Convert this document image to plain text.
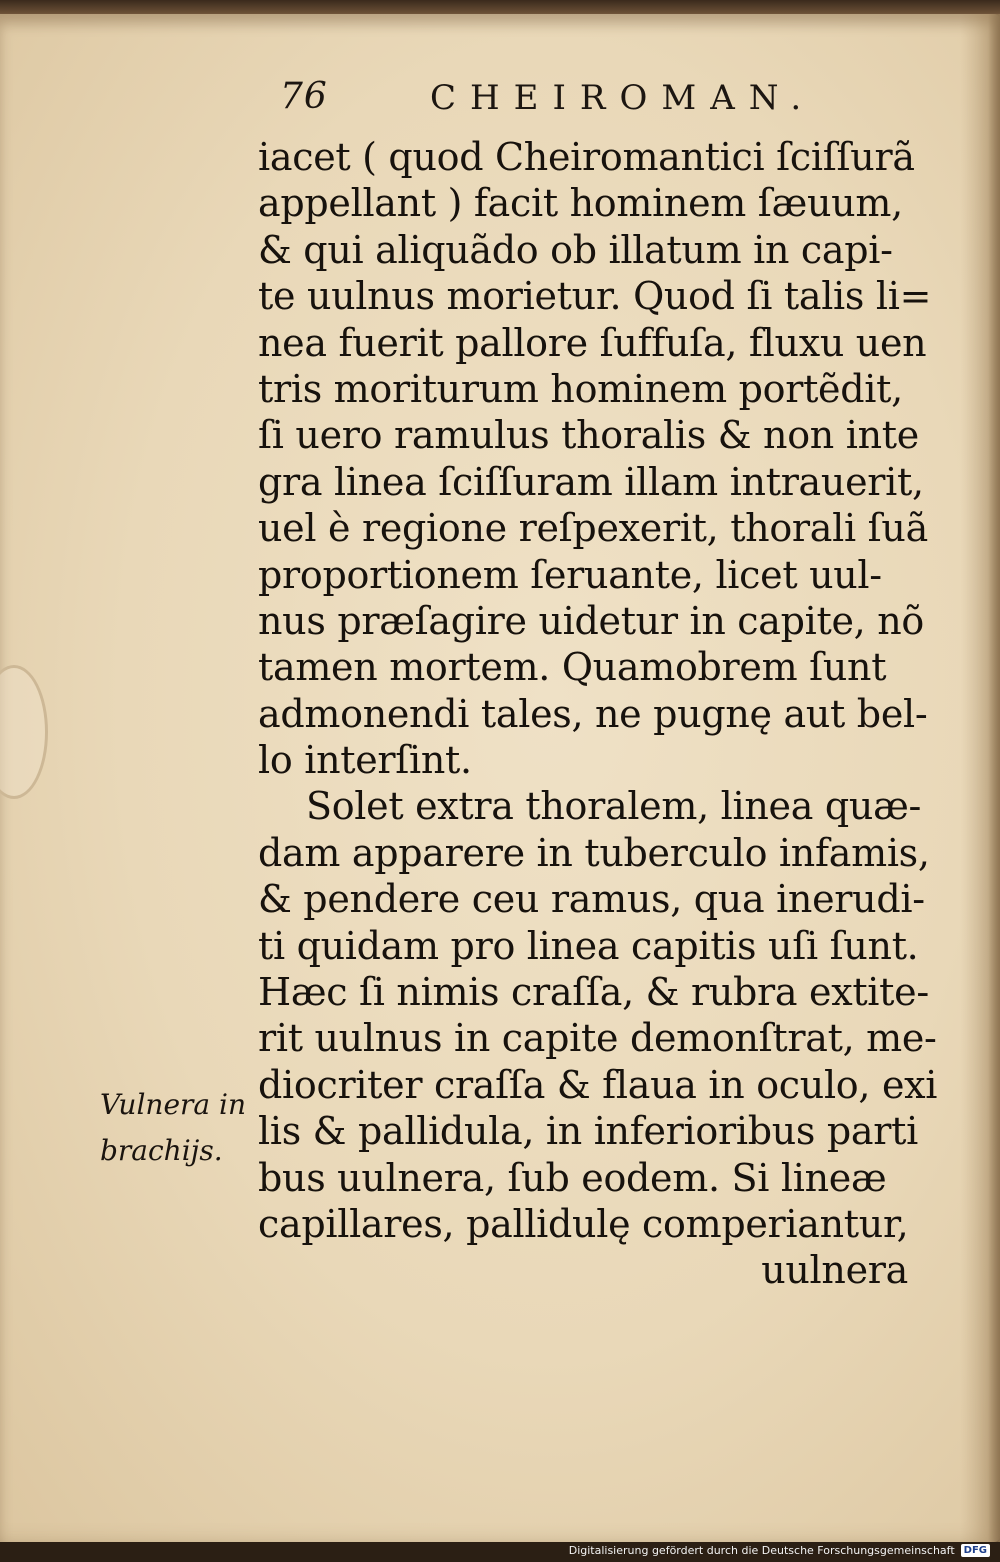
76	CHEIROMAN.
iacet ( quod Cheiromantici ſciſſurã
appellant ) facit hominem ſæuum,
& qui aliquãdo ob illatum in capi-
te uulnus morietur. Quod ſi talis li=
nea fuerit pallore ſuffuſa, fluxu uen
tris moriturum hominem portẽdit,
ſi uero ramulus thoralis & non inte
gra linea ſciſſuram illam intrauerit,
uel è regione reſpexerit, thorali ſuã
proportionem ſeruante, licet uul-
nus præſagire uidetur in capite, nõ
tamen mortem. Quamobrem ſunt
admonendi tales, ne pugnę aut bel-
lo interſint.
Solet extra thoralem, linea quæ-
dam apparere in tuberculo infamis,
& pendere ceu ramus, qua inerudi-
ti quidam pro linea capitis uſi ſunt.
Hæc ſi nimis craſſa, & rubra extite-
rit uulnus in capite demonſtrat, me-
diocriter craſſa & flaua in oculo, exi
lis & pallidula, in inferioribus parti
bus uulnera, ſub eodem. Si lineæ
capillares, pallidulę comperiantur,
uulnera
Vulnera in
brachijs.
Digitalisierung gefördert durch die Deutsche Forschungsgemeinschaft DFG
